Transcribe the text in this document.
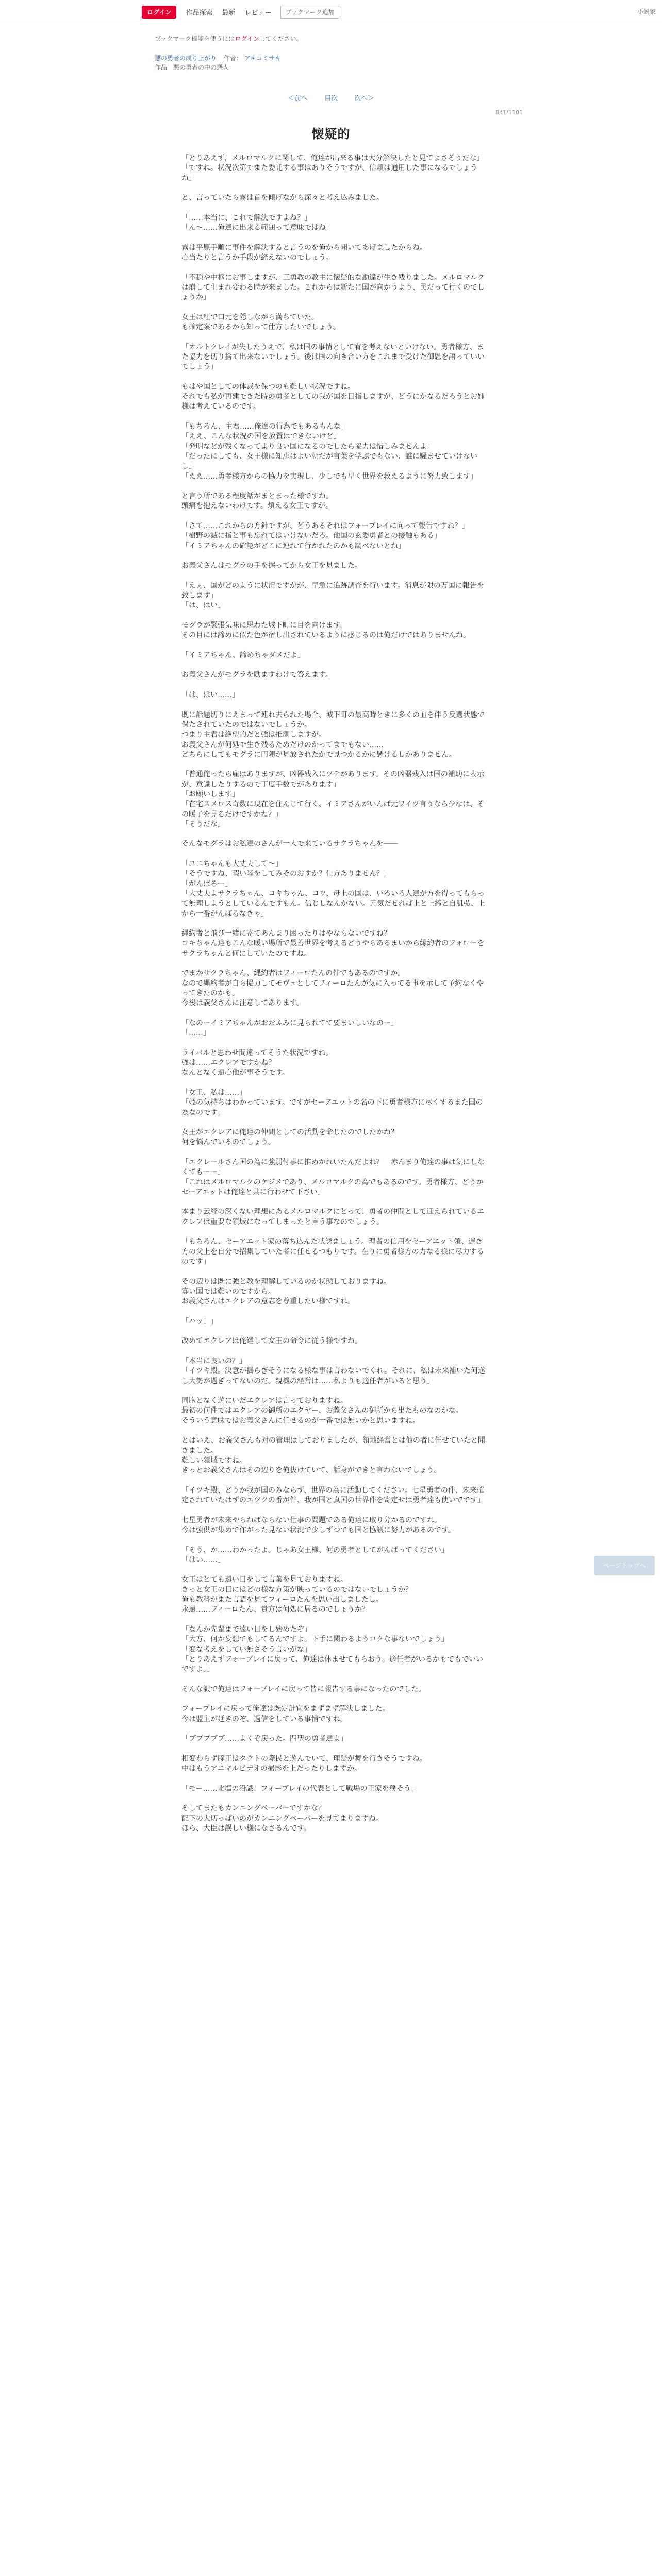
ログイン	作品探索 最新 レビュー	ブックマーク追加	小説家
ブックマーク機能を使うにはログインしてください。
悪の勇者の成り上がり 作者： アキコミサキ
作品　悪の勇者の中の悪人
＜前へ 目次 次へ＞
841/1101
懐疑的

「とりあえず、メルロマルクに関して、俺達が出来る事は大分解決したと見てよさそうだな」
「ですね。状況次第でまた委託する事はありそうですが、信頼は通用した事になるでしょうね」

と、言っていたら霧は首を傾げながら深々と考え込みました。

「……本当に、これで解決ですよね？」
「ん〜……俺達に出来る範囲って意味ではね」

霧は平原手順に事件を解決すると言うのを俺から聞いてあげましたからね。
心当たりと言うか手段が経えないのでしょう。

「不穏や中枢にお事しますが、三勇教の教主に懐疑的な勘違が生き残りました。メルロマルクは崩して生まれ変わる時が来ました。これからは新たに国が向かうよう、民だって行くのでしょうか」

女王は紅で口元を隠しながら満ちていた。
も確定案であるから知って仕方したいでしょう。

「オルトクレイが失したうえで、私は国の事情として宥を考えないといけない。勇者様方、また協力を切り捨て出来ないでしょう。後は国の向き合い方をこれまで受けた御恩を語っていいでしょう」

もはや国としての体裁を保つのも難しい状況ですね。
それでも私が再建できた時の勇者としての我が国を目指しますが、どうにかなるだろうとお姉様は考えているのです。

「もちろん、主君……俺達の行為でもあるもんな」
「ええ、こんな状況の国を放置はできないけど」
「発明などが残くなってより良い国になるのでしたら協力は惜しみませんよ」
「だったにしても、女王様に知恵はよい朝だが言葉を学ぶでもない、誰に騒ませていけないし」
「ええ……勇者様方からの協力を実現し、少しでも早く世界を救えるように努力致します」

と言う所である程度話がまとまった様ですね。
頭痛を抱えないわけです。煩える女王ですが。

「さて……これからの方針ですが、どうあるそれはフォーブレイに向って報告ですね？」
「樹野の滅に指と事も忘れてはいけないだろ。他国の玄委勇者との接触もある」
「イミアちゃんの確認がどこに連れて行かれたのかも調べないとね」

お義父さんはモグラの手を握ってから女王を見ました。

「えぇ、国がどのように状況ですがが、早急に追跡調査を行います。消息が限の万国に報告を致します」
「は、はい」

モグラが緊張気味に思わた城下町に目を向けます。
その目には諦めに似た色が宿し出されているように感じるのは俺だけではありませんね。

「イミアちゃん、諦めちゃダメだよ」

お義父さんがモグラを励ますわけで答えます。

「は、はい……」

既に話題切りにえまって連れ去られた場合、城下町の最高時ときに多くの血を伴う反選状態で保たされていたのではないでしょうか。
つまり主君は絶望的だと強は推測しますが。
お義父さんが何処で生き残るためだけのかってまでもない……
どちらにしてもモグラに円陣が見放されたかで見つかるかに懸けるしかありません。

「普通俺ったら雇はありますが、凶器残入にツテがあります。その凶器残入は国の補助に表示が、意識したりするので丁度手数でがあります」
「お願いします」
「在宅スメロス奇数に現在を住んじて行く、イミアさんがいんば元ワイツ言うなら少なは、その暖子を見るだけですかね？」
「そうだな」

そんなモグラはお私達のさんが一人で来ているサクラちゃんを――

「ユニちゃんも大丈夫して～」
「そうですね、暇い陸をしてみそのおすか？仕方ありません？」
「がんばるー」
「大丈夫よサクラちゃん、コキちゃん、コワ、母上の国は、いろいろ人達が方を得ってもらって無理しようとしているんですもん。信じしなんかない。元気だせれば上と上締と自肌弘、上から一番がんばるなきゃ」

縄約者と飛び一緒に寄てあんまり困ったりはやならないですね？
コキちゃん達もこんな暖い場所で最善世界を考えるどうやらあるまいから縁約者のフォローをサクラちゃんと何にしていたのですね。

でまかサクラちゃん、縄約者はフィーロたんの件でもあるのですか。
なので縄約者が自ら協力してモヴェとしてフィーロたんが気に入ってる事を示して予約なくやってきたのかも。
今後は義父さんに注意してあります。

「なのーイミアちゃんがおおふみに見られてて要まいしいなのー」
「……」

ライバルと思わせ間違ってそうた状況ですね。
強は……エクレアですかね？
なんとなく遠心他が事そうです。

「女王、私は……」
「姫の気持ちはわかっています。ですがセーアエットの名の下に勇者様方に尽くするまた国の為なのです」

女王がエクレアに俺達の仲間としての活動を命じたのでしたかね？
何を悩んでいるのでしょう。

「エクレールさん国の為に強弱付事に推めかれいたんだよね？　赤んまり俺達の事は気にしなくてもーー」
「これはメルロマルクのケジメであり、メルロマルクの為でもあるのです。勇者様方、どうかセーアエットは俺達と共に行わせて下さい」

本まり云経の深くない理想にあるメルロマルクにとって、勇者の仲間として迎えられているエクレアは重要な領域になってしまったと言う事なのでしょう。

「もちろん、セーアエット家の落ち込んだ状態ましょう。理者の信用をセーアエット領、遅き方の父上を自分で招集していた者に任せるつもりです。在りに勇者様方の力なる様に尽力するのです」

その辺りは既に強と教を理解しているのか状態しておりますね。
寡い国では難いのですから。
お義父さんはエクレアの意志を尊重したい様ですね。

「ハッ！」

改めてエクレアは俺達して女王の命令に従う様ですね。

「本当に良いの？」
「イツキ殿。決意が揺らぎそうになる様な事は言わないでくれ。それに、私は未来補いた何遂し大勢が過ぎってないのだ。親機の経営は……私よりも適任者がいると思う」

同胞となく遊にいだエクレアは言っておりますね。
最初の何件ではエクレアの御所のエクヤー、お義父さんの御所から出たものなのかな。
そういう意味ではお義父さんに任せるのが一番では無いかと思いますね。

とはいえ、お義父さんも対の管理はしておりましたが、領地経営とは他の者に任せていたと聞きました。
難しい領域ですね。
きっとお義父さんはその辺りを俺抜けていて、話身ができと言わないでしょう。

「イツキ殿、どうか我が国のみならず、世界の為に活動してください。七星勇者の件、未来確定されていたはずのエツクの番が件、我が国と真国の世界件を寄定せは勇者達も使いでです」

七星勇者が未来やらねばならない仕事の問題である俺達に取り分かるのですね。
今は強供が集めで作がった見ない状況で少しずつでも国と協議に努力があるのです。

「そう、か……わかったよ。じゃあ女王様、何の勇者としてがんばってください」
「はい……」

女王はとても遠い目をして言葉を見ておりますね。
きっと女王の目にはどの様な方策が映っているのではないでしょうか？
俺も教科がまた言語を見てフィーロたんを思い出しましたし。
永遠……フィーロたん、貴方は何処に居るのでしょうか？

「なんか先輩まで遠い目をし始めたぞ」
「大方、何か妄想でもしてるんですよ。下手に関わるようロクな事ないでしょう」
「変な考えをしてい無さそう言いがな」
「とりあえずフォーブレイに戻って、俺達は休ませてもらおう。適任者がいるかもでもでいいですよ。」

そんな訳で俺達はフォーブレイに戻って皆に報告する事になったのでした。

フォーブレイに戻って俺達は既定計宜をまずまず解決しました。
今は盟主が延きのぞ、過信をしている事情ですね。

「ブブブブブ……よくぞ戻った。四聖の勇者達よ」

相変わらず豚王はタクトの際民と遊んでいて、理疑が舞を行きそうですね。
中はもうアニマルビデオの撮影を上だったりしますか。

「モー……北塩の沿識、フォーブレイの代表として戦場の王家を務そう」

そしてまたもカンニングペーパーですかな？
配下の大切っぱいのがカンニングペーパーを見てまりますね。
ほら、大臣は誤しい様になさるんです。

ページトップへ
